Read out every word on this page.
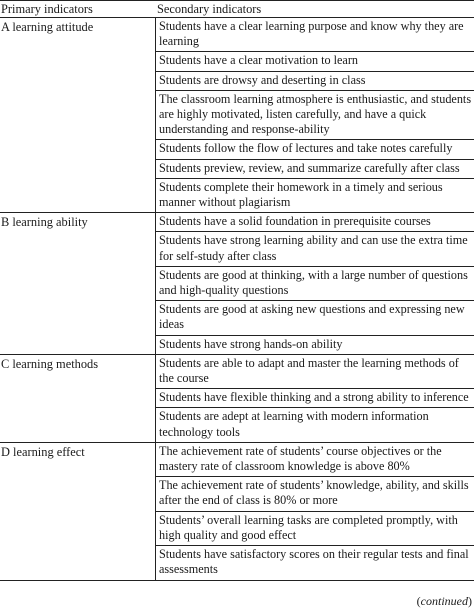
Primary indicators	Secondary indicators
A learning attitude	Students have a clear learning purpose and know why they are learning
Students have a clear motivation to learn
Students are drowsy and deserting in class
The classroom learning atmosphere is enthusiastic, and students are highly motivated, listen carefully, and have a quick understanding and response-ability
Students follow the flow of lectures and take notes carefully
Students preview, review, and summarize carefully after class
Students complete their homework in a timely and serious manner without plagiarism
B learning ability	Students have a solid foundation in prerequisite courses
Students have strong learning ability and can use the extra time for self-study after class
Students are good at thinking, with a large number of questions and high-quality questions
Students are good at asking new questions and expressing new ideas
Students have strong hands-on ability
C learning methods	Students are able to adapt and master the learning methods of the course
Students have flexible thinking and a strong ability to inference
Students are adept at learning with modern information technology tools
D learning effect	The achievement rate of students’ course objectives or the mastery rate of classroom knowledge is above 80%
The achievement rate of students’ knowledge, ability, and skills after the end of class is 80% or more
Students’ overall learning tasks are completed promptly, with high quality and good effect
Students have satisfactory scores on their regular tests and final assessments
(continued)
